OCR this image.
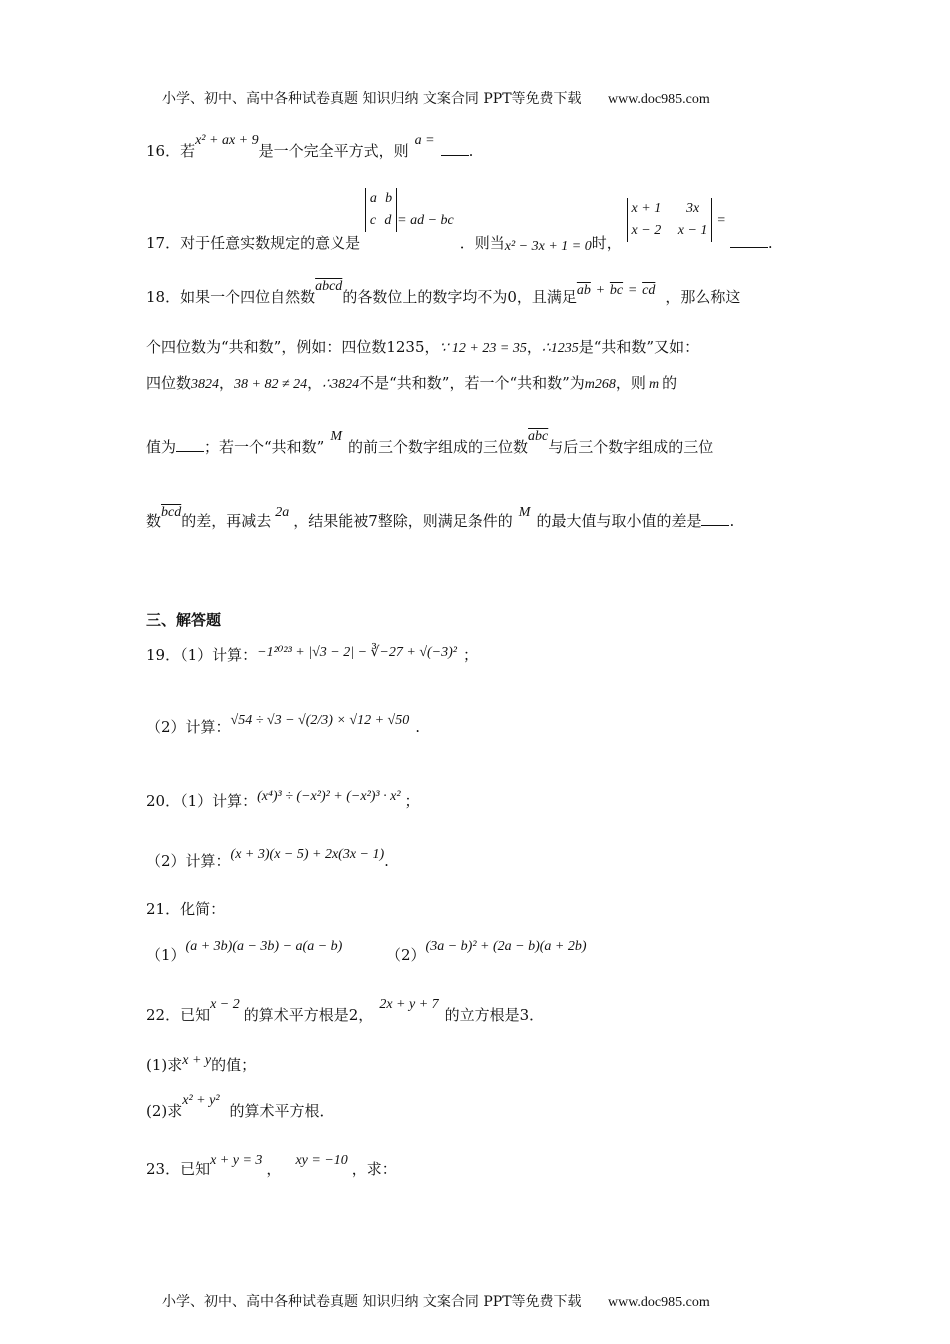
小学、初中、高中各种试卷真题 知识归纳 文案合同 PPT等免费下载 www.doc985.com
16．若x² + ax + 9是一个完全平方式，则a =.
17．对于任意实数规定的意义是 a b
c d = ad − bc．则当x² − 3x + 1 = 0时， x + 1 3x
x − 2 x − 1=.
18．如果一个四位自然数abcd的各数位上的数字均不为0，且满足$\overline{ab} + \overline{bc} = \overline{cd}$ ，那么称这
个四位数为“共和数”，例如：四位数1235，∵ 12 + 23 = 35，∴1235是“共和数”又如：
四位数3824，38 + 82 ≠ 24，∴3824不是“共和数”，若一个“共和数”为m268，则 m 的
值为 ；若一个“共和数”M的前三个数字组成的三位数$\overline{abc}$与后三个数字组成的三位
数$\overline{bcd}$的差，再减去 2a ，结果能被7整除，则满足条件的 M 的最大值与取小值的差是 .
三、解答题
19．（1）计算：−1²⁰²³ + |√3 − 2| − ∛−27 + √(−3)² ；
（2）计算：√54 ÷ √3 − √(2/3) × √12 + √50 .
20．（1）计算：(x⁴)³ ÷ (−x²)² + (−x²)³ · x² ；
（2）计算：(x + 3)(x − 5) + 2x(3x − 1).
21．化简：
（1）(a + 3b)(a − 3b) − a(a − b)	（2）(3a − b)² + (2a − b)(a + 2b)
22．已知x − 2的算术平方根是2，2x + y + 7的立方根是3．
(1)求x + y的值；
(2)求x² + y²的算术平方根．
23．已知x + y = 3 ， xy = −10 ，求：
小学、初中、高中各种试卷真题 知识归纳 文案合同 PPT等免费下载 www.doc985.com
